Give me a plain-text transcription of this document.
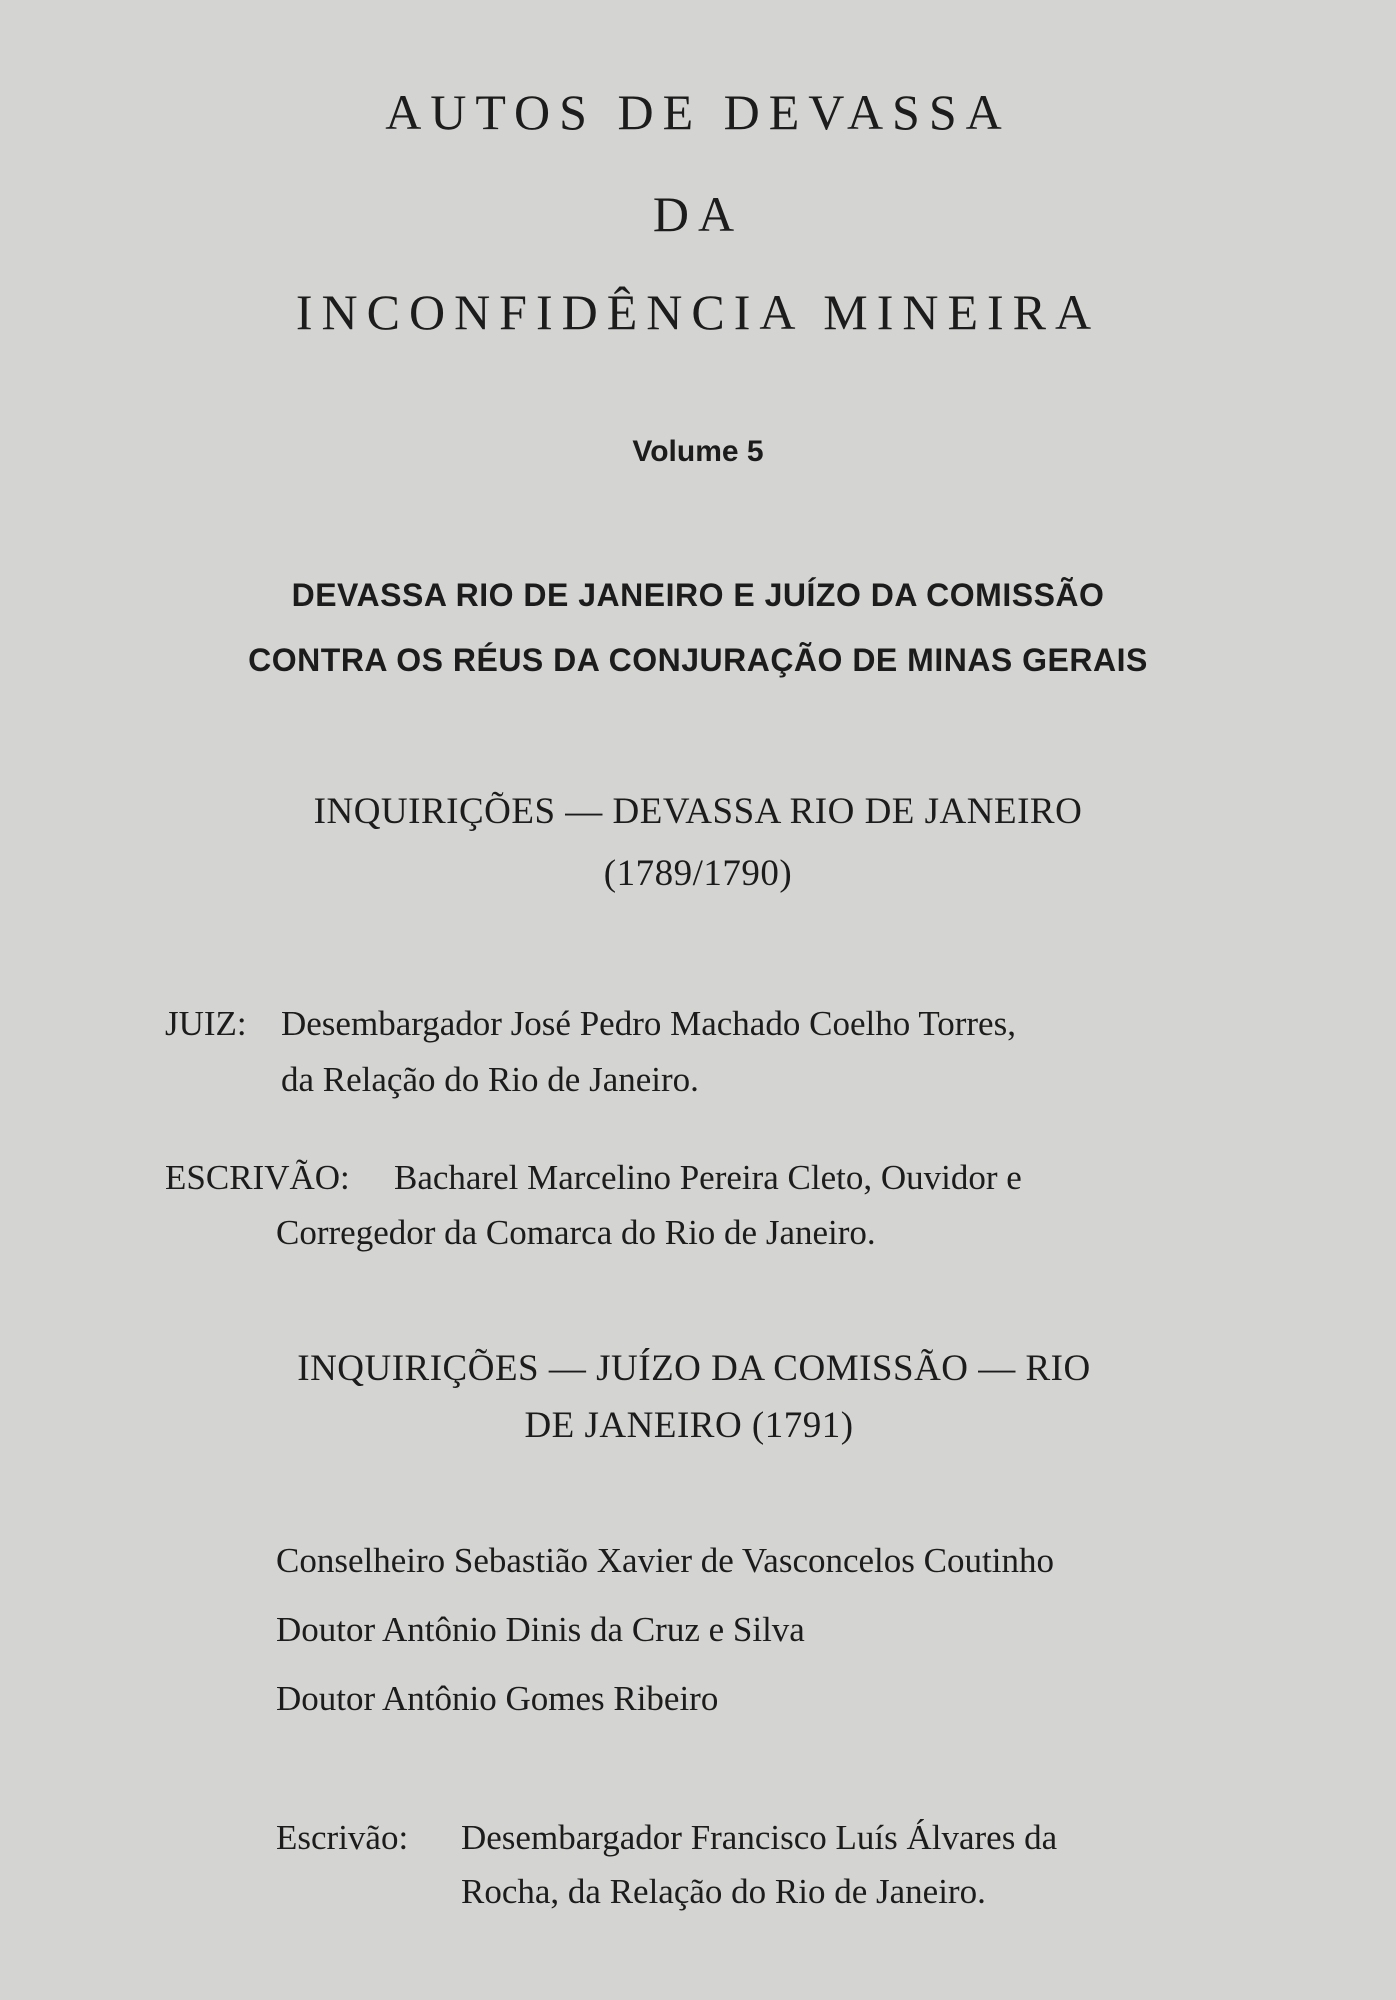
AUTOS DE DEVASSA
DA
INCONFIDÊNCIA MINEIRA
Volume 5
DEVASSA RIO DE JANEIRO E JUÍZO DA COMISSÃO
CONTRA OS RÉUS DA CONJURAÇÃO DE MINAS GERAIS
INQUIRIÇÕES — DEVASSA RIO DE JANEIRO
(1789/1790)
JUIZ: Desembargador José Pedro Machado Coelho Torres,
da Relação do Rio de Janeiro.
ESCRIVÃO: Bacharel Marcelino Pereira Cleto, Ouvidor e
Corregedor da Comarca do Rio de Janeiro.
INQUIRIÇÕES — JUÍZO DA COMISSÃO — RIO
DE JANEIRO (1791)
Conselheiro Sebastião Xavier de Vasconcelos Coutinho
Doutor Antônio Dinis da Cruz e Silva
Doutor Antônio Gomes Ribeiro
Escrivão: Desembargador Francisco Luís Álvares da
Rocha, da Relação do Rio de Janeiro.
